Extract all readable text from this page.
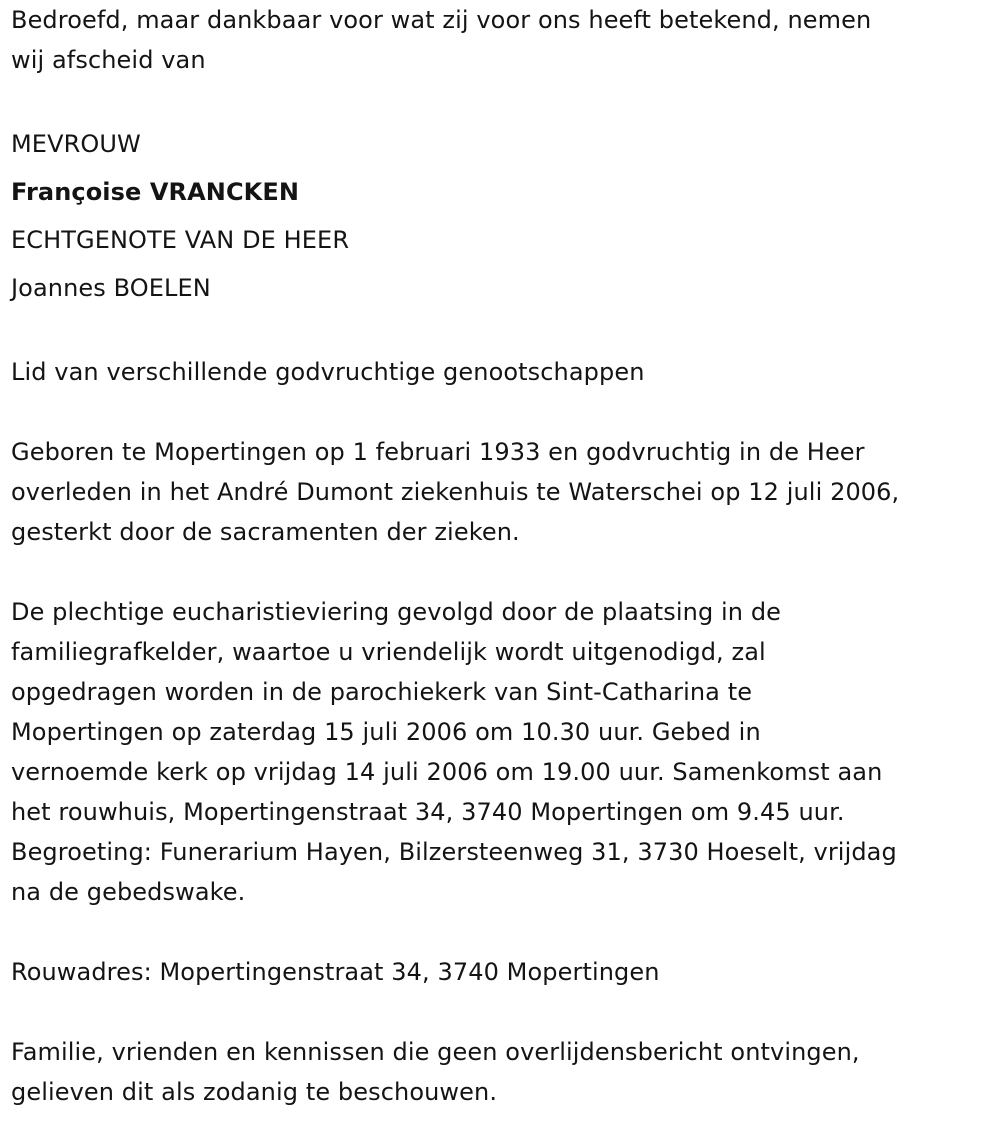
Bedroefd, maar dankbaar voor wat zij voor ons heeft betekend, nemen
wij afscheid van
MEVROUW
Françoise VRANCKEN
ECHTGENOTE VAN DE HEER
Joannes BOELEN
Lid van verschillende godvruchtige genootschappen
Geboren te Mopertingen op 1 februari 1933 en godvruchtig in de Heer
overleden in het André Dumont ziekenhuis te Waterschei op 12 juli 2006,
gesterkt door de sacramenten der zieken.
De plechtige eucharistieviering gevolgd door de plaatsing in de
familiegrafkelder, waartoe u vriendelijk wordt uitgenodigd, zal
opgedragen worden in de parochiekerk van Sint-Catharina te
Mopertingen op zaterdag 15 juli 2006 om 10.30 uur. Gebed in
vernoemde kerk op vrijdag 14 juli 2006 om 19.00 uur. Samenkomst aan
het rouwhuis, Mopertingenstraat 34, 3740 Mopertingen om 9.45 uur.
Begroeting: Funerarium Hayen, Bilzersteenweg 31, 3730 Hoeselt, vrijdag
na de gebedswake.
Rouwadres: Mopertingenstraat 34, 3740 Mopertingen
Familie, vrienden en kennissen die geen overlijdensbericht ontvingen,
gelieven dit als zodanig te beschouwen.
